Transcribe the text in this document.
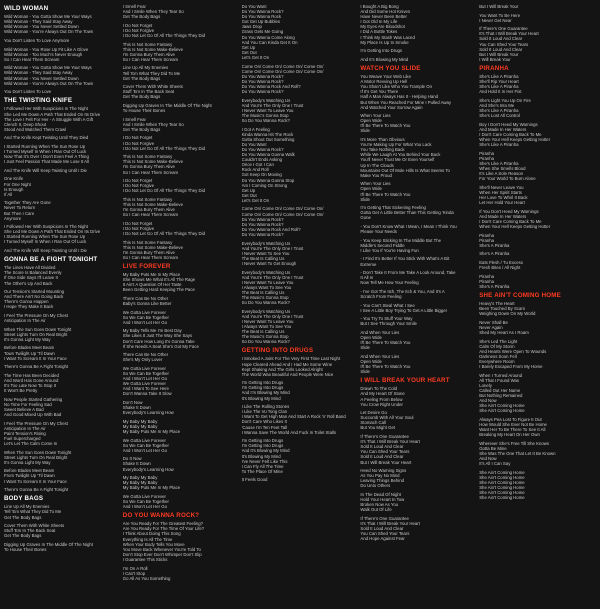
WILD WOMAN
Wild Woman - You Gotta Show Me Your Ways
Wild Woman - They Said Stay Away
Wild Woman - You Never Settled Down
Wild Woman - You're Always Out On The Town
You Don't Listen To Love Anymore
Wild Woman - You Rose Up Fit Like A Glove
Wild Woman - Too Much's Never Enough
So I Can Hear Them Scream
Wild Woman - You Gotta Show Me Your Ways
Wild Woman - They Said Stay Away
Wild Woman - You Never Settled Down
Wild Woman - You're Always Out On The Town
You Don't Listen To Love
THE TWISTING KNIFE
I Followed Her With Suspicions In The Night
She Led Me Down A Path That Ended On Its Drive
The Love I Felt For Her - A Struggle With A Gift
Clench It, Deep Shout
Stood And Watched Them Crawl
And The Knife Kept Twisting Until They Died
I Started Running When The Sun Rose Up
I Turned Myself In When I Ran Out Of Luck
Now That It's Over I Don't Even Feel A Thing
I Just Feel Passion That Made Me Lose It All
And The Knife Will Keep Twisting Until I Die
One Knife
For One Night
Is Enough
If All
Together They Are Gone
Never To Return
But Then I Care
Anymore
I Followed Her With Suspicions In The Night
She Led Me Down A Path That Ended On Its Drive
I Started Running When The Sun Rose Up
I Turned Myself In When I Ran Out Of Luck
And The Knife Will Keep Twisting Until I Die
GONNA BE A FIGHT TONIGHT
The Lines Have All Divided
The Score Is Balanced Evenly
If One Side Says I'll Leave It
The Other's Up And Back
Our Tension's Started Mounting
And There Ain't No Going Back
There's Gonna Happen
I Hope They Make It Back
I Feel The Pressure On My Chest
Anticipation In The Air
When The Sun Goes Down Tonight
Street Lights Turn On Real Bright
It's Gonna Light My Way
Before Blades Meet Beam
Town Twilight Up 'Til Dawn
I Want To Scream It In Your Face
There's Gonna Be A Fight Tonight
The Time Has Been Decided
And Word Has Gone Around
It's Too Late Now To Stop It
It Won't Be Pretty
Now People Started Gathering
No Time For Feeling Sad
Sweet Believe A Bad
And Good Mixed Up With Bad
I Feel The Pressure On My Chest
Anticipation In The Air
Paint Tension's Rising
Fuel Supercharged
Let's Let The Calm Come In
When The Sun Goes Down Tonight
Street Lights Turn On Real Bright
It's Gonna Light My Way
Before Blades Meet Beam
From Twilight Up 'Til Dawn
I Want To Scream It In Your Face
There's Gonna Be A Fight Tonight
BODY BAGS
Line Up All My Enemies
Tell 'Em What They Did To Me
Get The Body Bags
Cover Them With White Sheets
Stuff 'Em In The Back Seat
Get The Body Bags
Digging Up Graves In The Middle Of The Night
To House Their Bones
I Smell Fear
And I Smile When They Tear So
Get The Body Bags
I Do Not Forget
I Do Not Forgive
I Do Not Let Go Of All The Things They Did
This Is Not Some Fantasy
This Is Not Some Make-Believe
I'm Gonna Bury Them Alive
So I Can Hear Them Scream
Line Up All My Enemies
Tell 'Em What They Did To Me
Get The Body Bags
Cover Them With White Sheets
Stuff 'Em In The Back Seat
Get The Body Bags
Digging Up Graves In The Middle Of The Night
To House Their Bones
I Smell Fear
And I Smile When They Tear So
Get The Body Bags
I Do Not Forget
I Do Not Forgive
I Do Not Let Go Of All The Things They Did
This Is Not Some Fantasy
This Is Not Some Make-Believe
I'm Gonna Bury Them Alive
So I Can Hear Them Scream
I Do Not Forget
I Do Not Forgive
I Do Not Let Go Of All The Things They Did
This Is Not Some Fantasy
This Is Not Some Make-Believe
I'm Gonna Bury Them Alive
So I Can Hear Them Scream
I Do Not Forget
I Do Not Forgive
I Do Not Let Go Of All The Things They Did
This Is Not Some Fantasy
This Is Not Some Make-Believe
I'm Gonna Bury Them Alive
So I Can Hear Them Scream
LIVE FOREVER
My Baby Puts Me In My Place
She Shows Me What It's All The Rage
It Ain't A Question Of Her Taste
Been Getting Hard Keeping The Pace
There Can Be No Other
Baby's Gonna Like Better
We Gotta Live Forever
So We Can Be Together
And I Won't Let Her Go
My Baby Tells Me I'm Best Day
She Likes It Just The Way She Says
Don't Care How Long It's Gonna Take
If She Needs A Seat She's Got My Face
There Can Be No Other
She's My Only Lover
We Gotta Live Forever
So We Can Be Together
And I Won't Let Her Go
We Gotta Live Forever
And I Want To See Here
Don't Wanna Take It Slow
Don't Now
Shake It Down
Everybody's Learning How
My Baby My Baby
My Baby My Baby
My Baby Puts Me In My Place
We Gotta Live Forever
So We Can Be Together
And I Won't Let Her Go
Do It Now
Shake It Down
Everybody's Learning How
My Baby My Baby
My Baby My Baby
My Baby Puts Me In My Place
We Gotta Live Forever
So We Can Be Together
And I Won't Let Her Go
DO YOU WANNA ROCK?
Are You Ready For The Greatest Feeling?
Are You Ready For The Time Of Your Life?
I Think About Doing This Song
Everything Is All The Time
When Your Body Tells You Move
You Move Back Whenever You're Told To
Don't Stop Ever Don't Whimper Don't Slip
I Guarantee This Sticks
I'm On A Roll
I Can't Stop
Go All As You Something
Do You Want
Do You Wanna Rock?
Do You Wanna Rock
Got Get Up Bubbles
Jaws Drop
Grass Gets Me Going
Do You Wanna Come Along
And You Can Kinda Get It On
Get Up
Get Out
Let's Get It On
Come On/ Come On/ Come On/ Come On/
Come On/ Come On/ Come On/ Come On/
Do You Wanna Rock?
Do You Wanna Rock?
Do You Wanna Rock And Roll?
Do You Wanna Rock?
Everybody's Watching Us
And You're The Only One I Trust
I Never Want To Leave You
The Music's Gonna Stop
So Do You Wanna Rock?
I Got A Feeling
Kinda Wanna Hit The Rock
Gotta Shout Out Something
Do You Want
Do You Wanna Rock?
Do You Wanna Gonna Walk
Couldn't Ends Asking
Once I Got I Can
Rock And Roll
Got Keep On Moving
Do You Wanna Gonna Stop
Am I Coming On Strong
Get Up
Get Out
Let's Get It On
Come On/ Come On/ Come On/ Come On/
Come On/ Come On/ Come On/ Come On/
Do You Wanna Rock?
Do You Wanna Rock?
Do You Wanna Rock And Roll?
Do You Wanna Rock?
Everybody's Watching Us
And You're The Only One I Trust
I Never Want To See You
The Beat Is Calling Us
I Never Want To Get Enough
Everybody's Watching Us
And You're The Only One I Trust
I Never Want To Leave You
I Always Want To See You
The Beat Is Calling Us
The Music's Gonna Stop
So Do You Wanna Rock?
Everybody's Watching Us
And You're The Only One I Trust
I Never Want To Leave You
I Always Want To See You
The Beat Is Calling Us
The Music's Gonna Stop
So Do You Wanna Rock?
GETTING INTO DRUGS
I Smoked A Joint For The Very First Time Last Night
Hope Cleared Ahead And I Had Me Some Wine
Kept Shaking And The Girls Looked Alright
The World Was Beautiful And People Were Nice
I'm Getting Into Drugs
I'm Getting Into Drugs
And I'm Blowing My Mind
It's Blowing My Mind
I Like The Rolling Stones
I Like The Vu Tong Clan
I Want To Get High Man And Start A Rock 'n' Roll Band
Don't Care Who Likes It
'Cause I'm Ten Feet Tall
I Wanna Save The World And Fuck In Toilet Stalls
I'm Getting Into Drugs
I'm Getting Into Drugs
And It's Blowing My Mind
It's Blowing My Mind
I've Never Felt Like This
I Can Fly All The Time
To The Place Of Mine
It Feels Good
I Bought A Big Bong
And Did Some Hot Knives
Have Never Been Better
I Got Old In My Life
My Eyes Are Bloodshot
I Did A Bottle Tokes
I Think My Stash Was Laced
My Place Is Up In Smoke
I'm Getting Into Drugs
And It's Blowing My Mind
WATCH YOU SLIDE
You Weave Your Web Like
A Motor Revving Up Hell
You Shan't Like Who You Trample On
If It's Get You There
Half A Man Always Has It - Helping Hand
But When You Reached For Mine I Pulled Away
And Watched Your Sorrow Again
When Your Lies
Open Wide
I'll Be There To Watch You
Slide
It's More Than Obvious
You're Making Up For What You Lack
You Take Nothing Back
While We Laugh At You Behind Your Back
You'll Never Trust Me Or Even Yourself
Up In The Clouds
Mountains Out Of Mole Hills Is What Seems To
Make You Proud
When Your Lies
Open Wide
I'll Be There To Watch You
Slide
I'm Getting That Sickening Feeling
Gotta Get A Little Better Than This Getting 'Kinda
Gone
- You Don't Know What I Mean, I Mean I Think You
Please Your Needs
- You Keep Sticking In The Middle But The
Middle's Second Fiddle
I Like You If You're Having Fun
- I Find It's Better If You Stick With What's A Bit
Extreme
- Don't Take It From Me Take A Look Around, Take
It All In
Now Tell Me How Your Feeling
- I've Got The Itch, The Itch & You, And It's A
Scratch From Feeling
- You Can't Steal What I See
I See A Little Boy Trying To Get A Little Bigger
- You Try To Stuff Your Way
But I See Through Your Smile
And When Your Lies
Open Wide
I'll Be There To Watch You
Slide
And When Your Lies
Open Wide
I'll Be There To Watch You
Slide
I WILL BREAK YOUR HEART
Drawn To The Cold
And My Heart Of Stone
A Feeling From Below
You Crow Right Under
Let Desire Go
Succumb With All Your Soul
Stomach Call
But You Might Get
If There's One Guarantee
It's That I Will Break Your Heart
Sold It Loud And Clear
You Can Shed Your Tears
Sold It Loud And Clear
But I Will Break Your Heart
Heed No Warning Signs
As You Pay No Mind
Leaving Things Behind
Do Unto Others
In The Dead Of Night
Hold Your Heart In Tow
Broken Now As You
Walk Out Of Life
If There's One Guarantee
It's That I Will Break Your Heart
Sold It Loud And Clear
You Can Shed Your Tears
And Hope Against Fear
But I Will Break Your
You Want To Be Here
I Never Get Near
If There's One Guarantee
It's That I Will Break Your Heart
Sold It Loud And Clear
You Can Shed Your Tears
Sold It Loud And Clear
But I Will Break Your
I Will Break Your
PIRANHA
She's Like A Piranha
She'll Rip Your Heart
She's Like A Piranha
And Hold It In Her Fist
She's Light You Up On Fire
And She's Into Me
She's Like A Piranha
She's Lost All Control
Boy I Don't Heed My Warnings
And Made In Her Waters
I Don't Care Coming Back To Me
When Your Hell Keeps Getting Hotter
She's Like A Piranha
Piranha
Piranha
She's Like A Piranha
When She Smells Blood
It's Like A Sole Reason
For Your World To Burn Alone
She'll Never Leave You
When Her Spirit Starts
Her Love To Whirl It Back
Let Her Hold Your Heart
If You Don't Heed My Warnings
And Made In Her Waters
I Don't Care Coming Back To Me
When Your Hell Keeps Getting Hotter
Piranha
Piranha
She's A Piranha
She's A Piranha
Eats Flesh / Tu Excess
Fresh Bites / All Night
Piranha
Piranha
She's A Piranha
SHE AIN'T COMING HOME
Heavy's The Heart
Been Touched By Scars
Weighing Down On My World
Never Shall Be
Never Again
Shed My Heart As I Roam
She's Led The Light
Calm Of My Storm
And Hearts Were Open To Wounds
Darkness Soon Fell
Everywhere Room
I Barely Escaped From My Home
When I Turned Around
All That I Found Was
Lonely
Called Out Her Name
But Nothing Remained
And Now
She Ain't Coming Home
She Ain't Coming Home
Always Pea Lost To Figure It Out
How Would She Ever Not Be Home
Want Her To Be There To See It All
Breaking My Heart On Her Own
Wherever She's Free Till She Knows
Gotta Be Mine
She Was The One That Let It Be Known
And Now
It's All I Can Say
She Ain't Coming Home
She Ain't Coming Home
She Ain't Coming Home
She Ain't Coming Home
She Ain't Coming Home
She Ain't Coming Home
